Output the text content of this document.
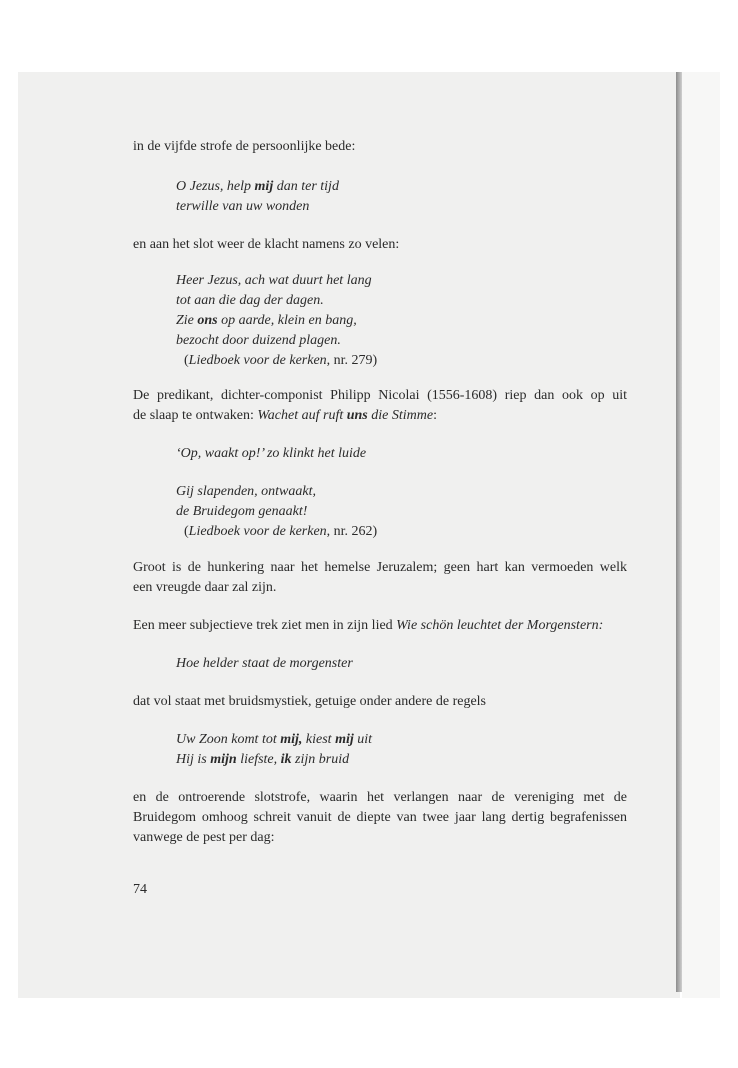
in de vijfde strofe de persoonlijke bede:
O Jezus, help mij dan ter tijd
terwille van uw wonden
en aan het slot weer de klacht namens zo velen:
Heer Jezus, ach wat duurt het lang
tot aan die dag der dagen.
Zie ons op aarde, klein en bang,
bezocht door duizend plagen.
(Liedboek voor de kerken, nr. 279)
De predikant, dichter-componist Philipp Nicolai (1556-1608) riep dan ook op uit
de slaap te ontwaken: Wachet auf ruft uns die Stimme:
‘Op, waakt op!’ zo klinkt het luide
Gij slapenden, ontwaakt,
de Bruidegom genaakt!
(Liedboek voor de kerken, nr. 262)
Groot is de hunkering naar het hemelse Jeruzalem; geen hart kan vermoeden welk
een vreugde daar zal zijn.
Een meer subjectieve trek ziet men in zijn lied Wie schön leuchtet der Morgenstern:
Hoe helder staat de morgenster
dat vol staat met bruidsmystiek, getuige onder andere de regels
Uw Zoon komt tot mij, kiest mij uit
Hij is mijn liefste, ik zijn bruid
en de ontroerende slotstrofe, waarin het verlangen naar de vereniging met de
Bruidegom omhoog schreit vanuit de diepte van twee jaar lang dertig begrafenissen
vanwege de pest per dag:
74
